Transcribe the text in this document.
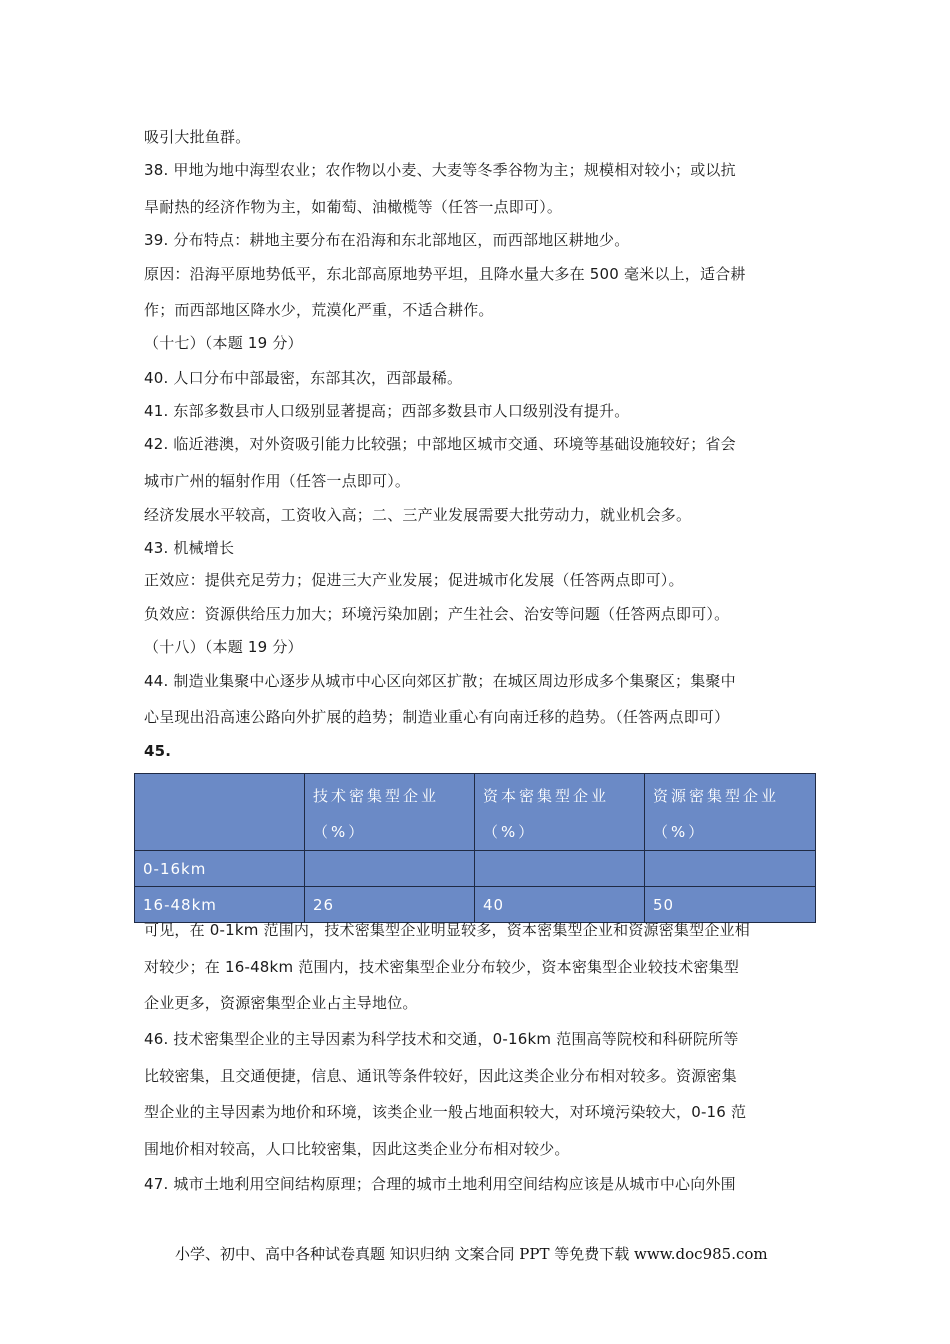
吸引大批鱼群。
38. 甲地为地中海型农业；农作物以小麦、大麦等冬季谷物为主；规模相对较小；或以抗
旱耐热的经济作物为主，如葡萄、油橄榄等（任答一点即可）。
39. 分布特点：耕地主要分布在沿海和东北部地区，而西部地区耕地少。
原因：沿海平原地势低平，东北部高原地势平坦，且降水量大多在 500 毫米以上，适合耕
作；而西部地区降水少，荒漠化严重，不适合耕作。
（十七）（本题 19 分）
40. 人口分布中部最密，东部其次，西部最稀。
41. 东部多数县市人口级别显著提高；西部多数县市人口级别没有提升。
42. 临近港澳，对外资吸引能力比较强；中部地区城市交通、环境等基础设施较好；省会
城市广州的辐射作用（任答一点即可）。
经济发展水平较高，工资收入高；二、三产业发展需要大批劳动力，就业机会多。
43. 机械增长
正效应：提供充足劳力；促进三大产业发展；促进城市化发展（任答两点即可）。
负效应：资源供给压力加大；环境污染加剧；产生社会、治安等问题（任答两点即可）。
（十八）（本题 19 分）
44. 制造业集聚中心逐步从城市中心区向郊区扩散；在城区周边形成多个集聚区；集聚中
心呈现出沿高速公路向外扩展的趋势；制造业重心有向南迁移的趋势。（任答两点即可）
45.
	技术密集型企业（%）	资本密集型企业（%）	资源密集型企业（%）
0-16km			
16-48km	26	40	50
可见，在 0-1km 范围内，技术密集型企业明显较多，资本密集型企业和资源密集型企业相
对较少；在 16-48km 范围内，技术密集型企业分布较少，资本密集型企业较技术密集型
企业更多，资源密集型企业占主导地位。
46. 技术密集型企业的主导因素为科学技术和交通，0-16km 范围高等院校和科研院所等
比较密集，且交通便捷，信息、通讯等条件较好，因此这类企业分布相对较多。资源密集
型企业的主导因素为地价和环境，该类企业一般占地面积较大，对环境污染较大，0-16 范
围地价相对较高，人口比较密集，因此这类企业分布相对较少。
47. 城市土地利用空间结构原理；合理的城市土地利用空间结构应该是从城市中心向外围
小学、初中、高中各种试卷真题 知识归纳 文案合同 PPT 等免费下载 www.doc985.com
